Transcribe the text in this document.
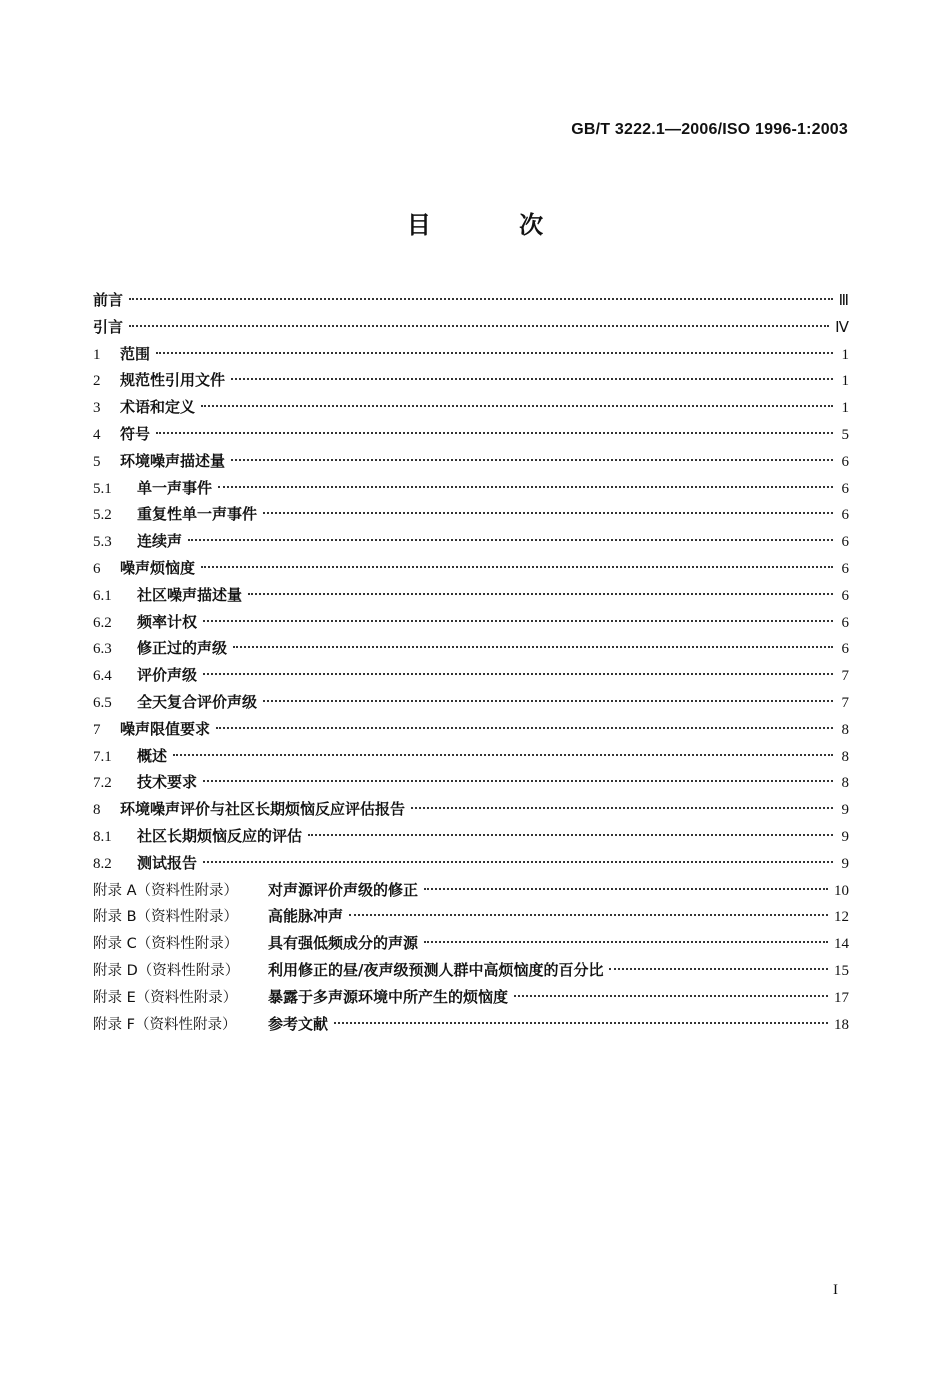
GB/T 3222.1—2006/ISO 1996-1:2003
目 次
前言	Ⅲ
引言	Ⅳ
1	范围	1
2	规范性引用文件	1
3	术语和定义	1
4	符号	5
5	环境噪声描述量	6
5.1	单一声事件	6
5.2	重复性单一声事件	6
5.3	连续声	6
6	噪声烦恼度	6
6.1	社区噪声描述量	6
6.2	频率计权	6
6.3	修正过的声级	6
6.4	评价声级	7
6.5	全天复合评价声级	7
7	噪声限值要求	8
7.1	概述	8
7.2	技术要求	8
8	环境噪声评价与社区长期烦恼反应评估报告	9
8.1	社区长期烦恼反应的评估	9
8.2	测试报告	9
附录 A（资料性附录）	对声源评价声级的修正	10
附录 B（资料性附录）	高能脉冲声	12
附录 C（资料性附录）	具有强低频成分的声源	14
附录 D（资料性附录）	利用修正的昼/夜声级预测人群中高烦恼度的百分比	15
附录 E（资料性附录）	暴露于多声源环境中所产生的烦恼度	17
附录 F（资料性附录）	参考文献	18
I
